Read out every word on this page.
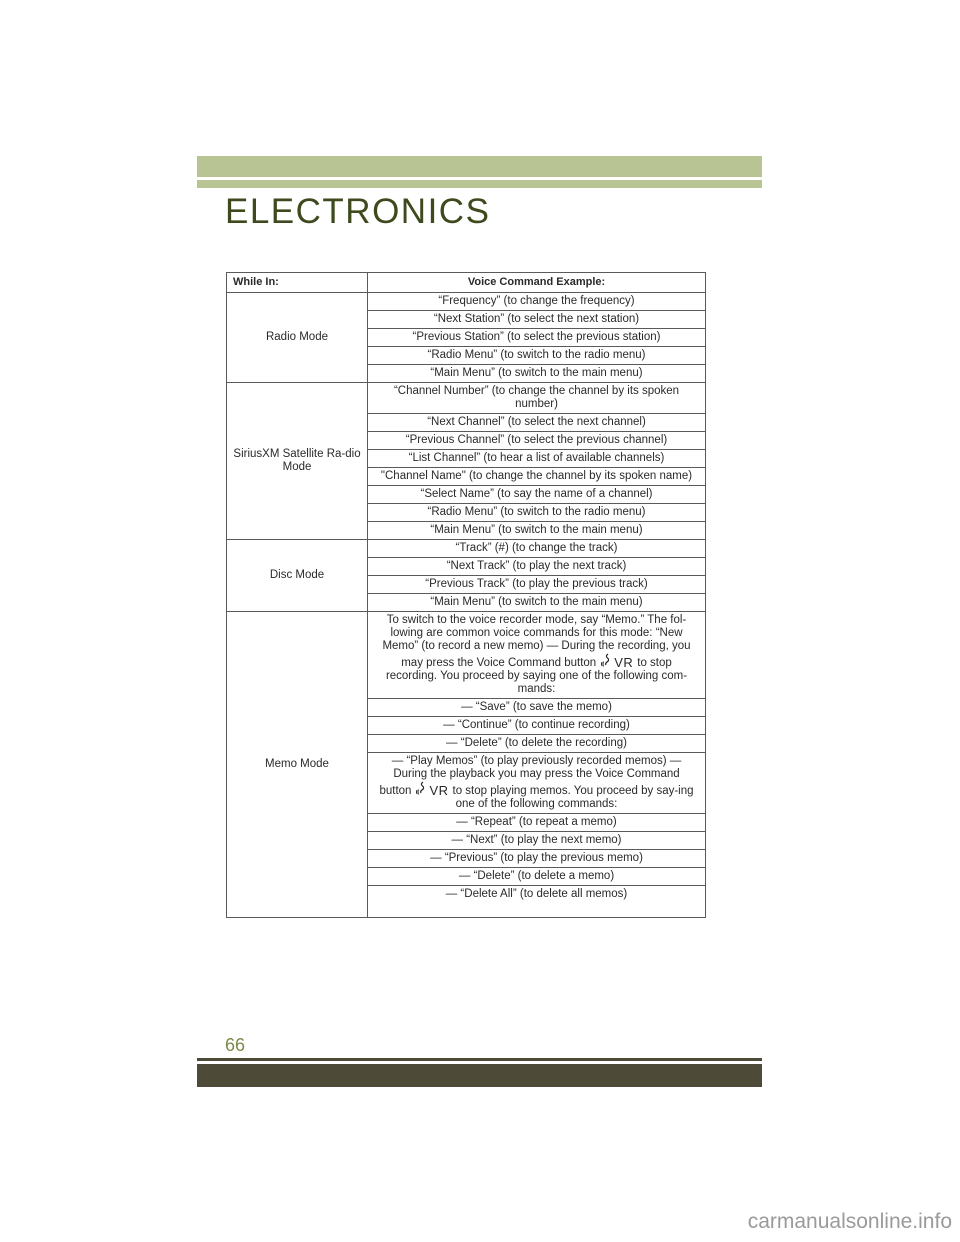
ELECTRONICS
While In:	Voice Command Example:
Radio Mode	“Frequency” (to change the frequency)
	“Next Station” (to select the next station)
	“Previous Station” (to select the previous station)
	“Radio Menu” (to switch to the radio menu)
	“Main Menu” (to switch to the main menu)
SiriusXM Satellite Ra-dio Mode	“Channel Number” (to change the channel by its spoken number)
	“Next Channel” (to select the next channel)
	“Previous Channel” (to select the previous channel)
	“List Channel” (to hear a list of available channels)
	"Channel Name" (to change the channel by its spoken name)
	“Select Name” (to say the name of a channel)
	“Radio Menu” (to switch to the radio menu)
	“Main Menu” (to switch to the main menu)
Disc Mode	“Track” (#) (to change the track)
	“Next Track” (to play the next track)
	“Previous Track” (to play the previous track)
	“Main Menu” (to switch to the main menu)
Memo Mode	To switch to the voice recorder mode, say “Memo.” The fol-lowing are common voice commands for this mode: “New Memo” (to record a new memo) — During the recording, you may press the Voice Command button VR to stop recording. You proceed by saying one of the following com-mands:
	— “Save” (to save the memo)
	— “Continue” (to continue recording)
	— “Delete” (to delete the recording)
	— “Play Memos” (to play previously recorded memos) — During the playback you may press the Voice Command button VR to stop playing memos. You proceed by say-ing one of the following commands:
	— “Repeat” (to repeat a memo)
	— “Next” (to play the next memo)
	— “Previous” (to play the previous memo)
	— “Delete” (to delete a memo)
	— “Delete All” (to delete all memos)
66
carmanualsonline.info
